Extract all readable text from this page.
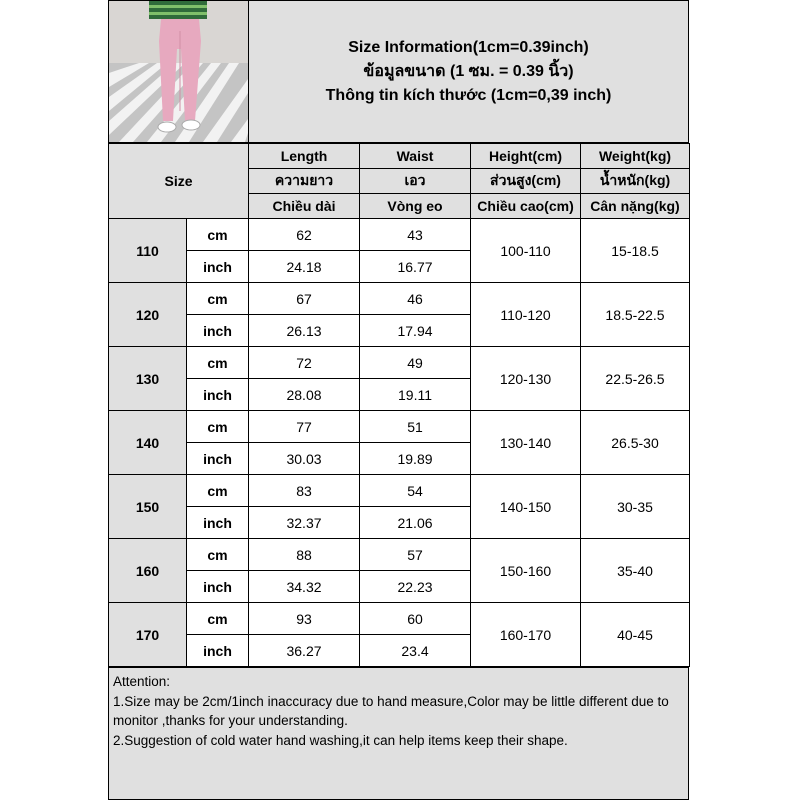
Size Information(1cm=0.39inch)
ข้อมูลขนาด (1 ซม. = 0.39 นิ้ว)
Thông tin kích thước (1cm=0,39 inch)
Size		Length	Waist	Height(cm)	Weight(kg)
		ความยาว	เอว	ส่วนสูง(cm)	น้ำหนัก(kg)
		Chiều dài	Vòng eo	Chiều cao(cm)	Cân nặng(kg)
110	cm	62	43	100-110	15-18.5
	inch	24.18	16.77		
120	cm	67	46	110-120	18.5-22.5
	inch	26.13	17.94		
130	cm	72	49	120-130	22.5-26.5
	inch	28.08	19.11		
140	cm	77	51	130-140	26.5-30
	inch	30.03	19.89		
150	cm	83	54	140-150	30-35
	inch	32.37	21.06		
160	cm	88	57	150-160	35-40
	inch	34.32	22.23		
170	cm	93	60	160-170	40-45
	inch	36.27	23.4		
Attention:
1.Size may be 2cm/1inch inaccuracy due to hand measure,Color may be little different due to monitor ,thanks for your understanding.
2.Suggestion of cold water hand washing,it can help items keep their shape.
